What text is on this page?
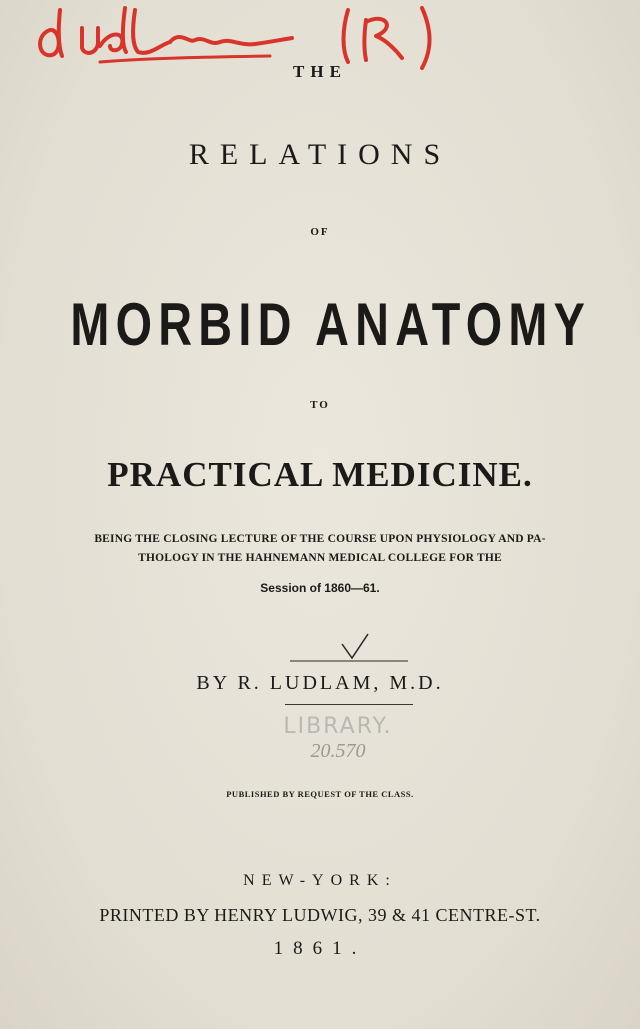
THE
RELATIONS
OF
MORBID ANATOMY
TO
PRACTICAL MEDICINE.
BEING THE CLOSING LECTURE OF THE COURSE UPON PHYSIOLOGY AND PA-
THOLOGY IN THE HAHNEMANN MEDICAL COLLEGE FOR THE
Session of 1860—61.
BY R. LUDLAM, M.D.
LIBRARY.
20.570
PUBLISHED BY REQUEST OF THE CLASS.
NEW-YORK:
PRINTED BY HENRY LUDWIG, 39 & 41 CENTRE-ST.
1861.
